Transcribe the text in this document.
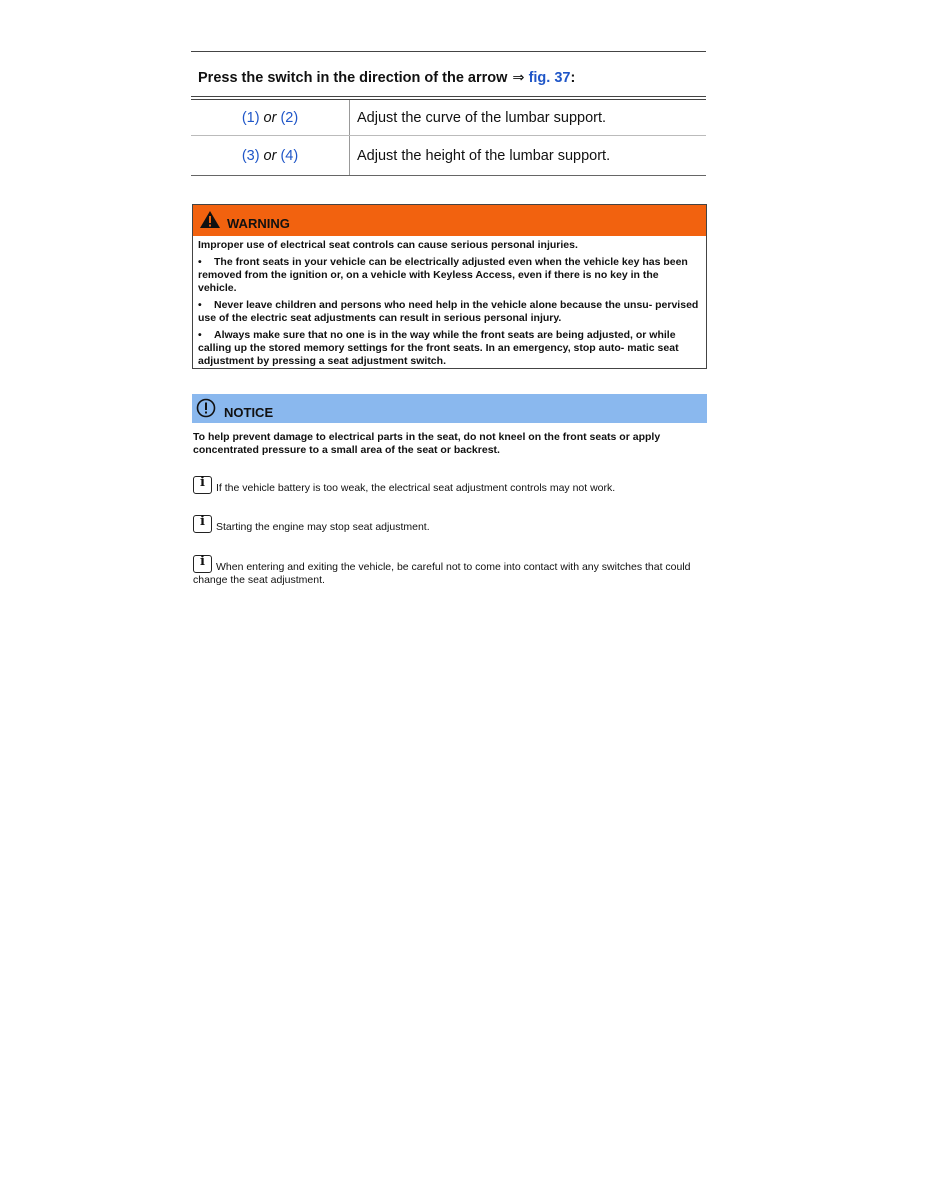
Press the switch in the direction of the arrow ⇒ fig. 37:
(1) or (2)	Adjust the curve of the lumbar support.
(3) or (4)	Adjust the height of the lumbar support.
WARNING

Improper use of electrical seat controls can cause serious personal injuries.

• The front seats in your vehicle can be electrically adjusted even when the vehicle key has been removed from the ignition or, on a vehicle with Keyless Access, even if there is no key in the vehicle.

• Never leave children and persons who need help in the vehicle alone because the unsu- pervised use of the electric seat adjustments can result in serious personal injury.

• Always make sure that no one is in the way while the front seats are being adjusted, or while calling up the stored memory settings for the front seats. In an emergency, stop auto- matic seat adjustment by pressing a seat adjustment switch.

NOTICE
To help prevent damage to electrical parts in the seat, do not kneel on the front seats or apply concentrated pressure to a small area of the seat or backrest.
i	If the vehicle battery is too weak, the electrical seat adjustment controls may not work.
i	Starting the engine may stop seat adjustment.
i	When entering and exiting the vehicle, be careful not to come into contact with any switches that could change the seat adjustment.
